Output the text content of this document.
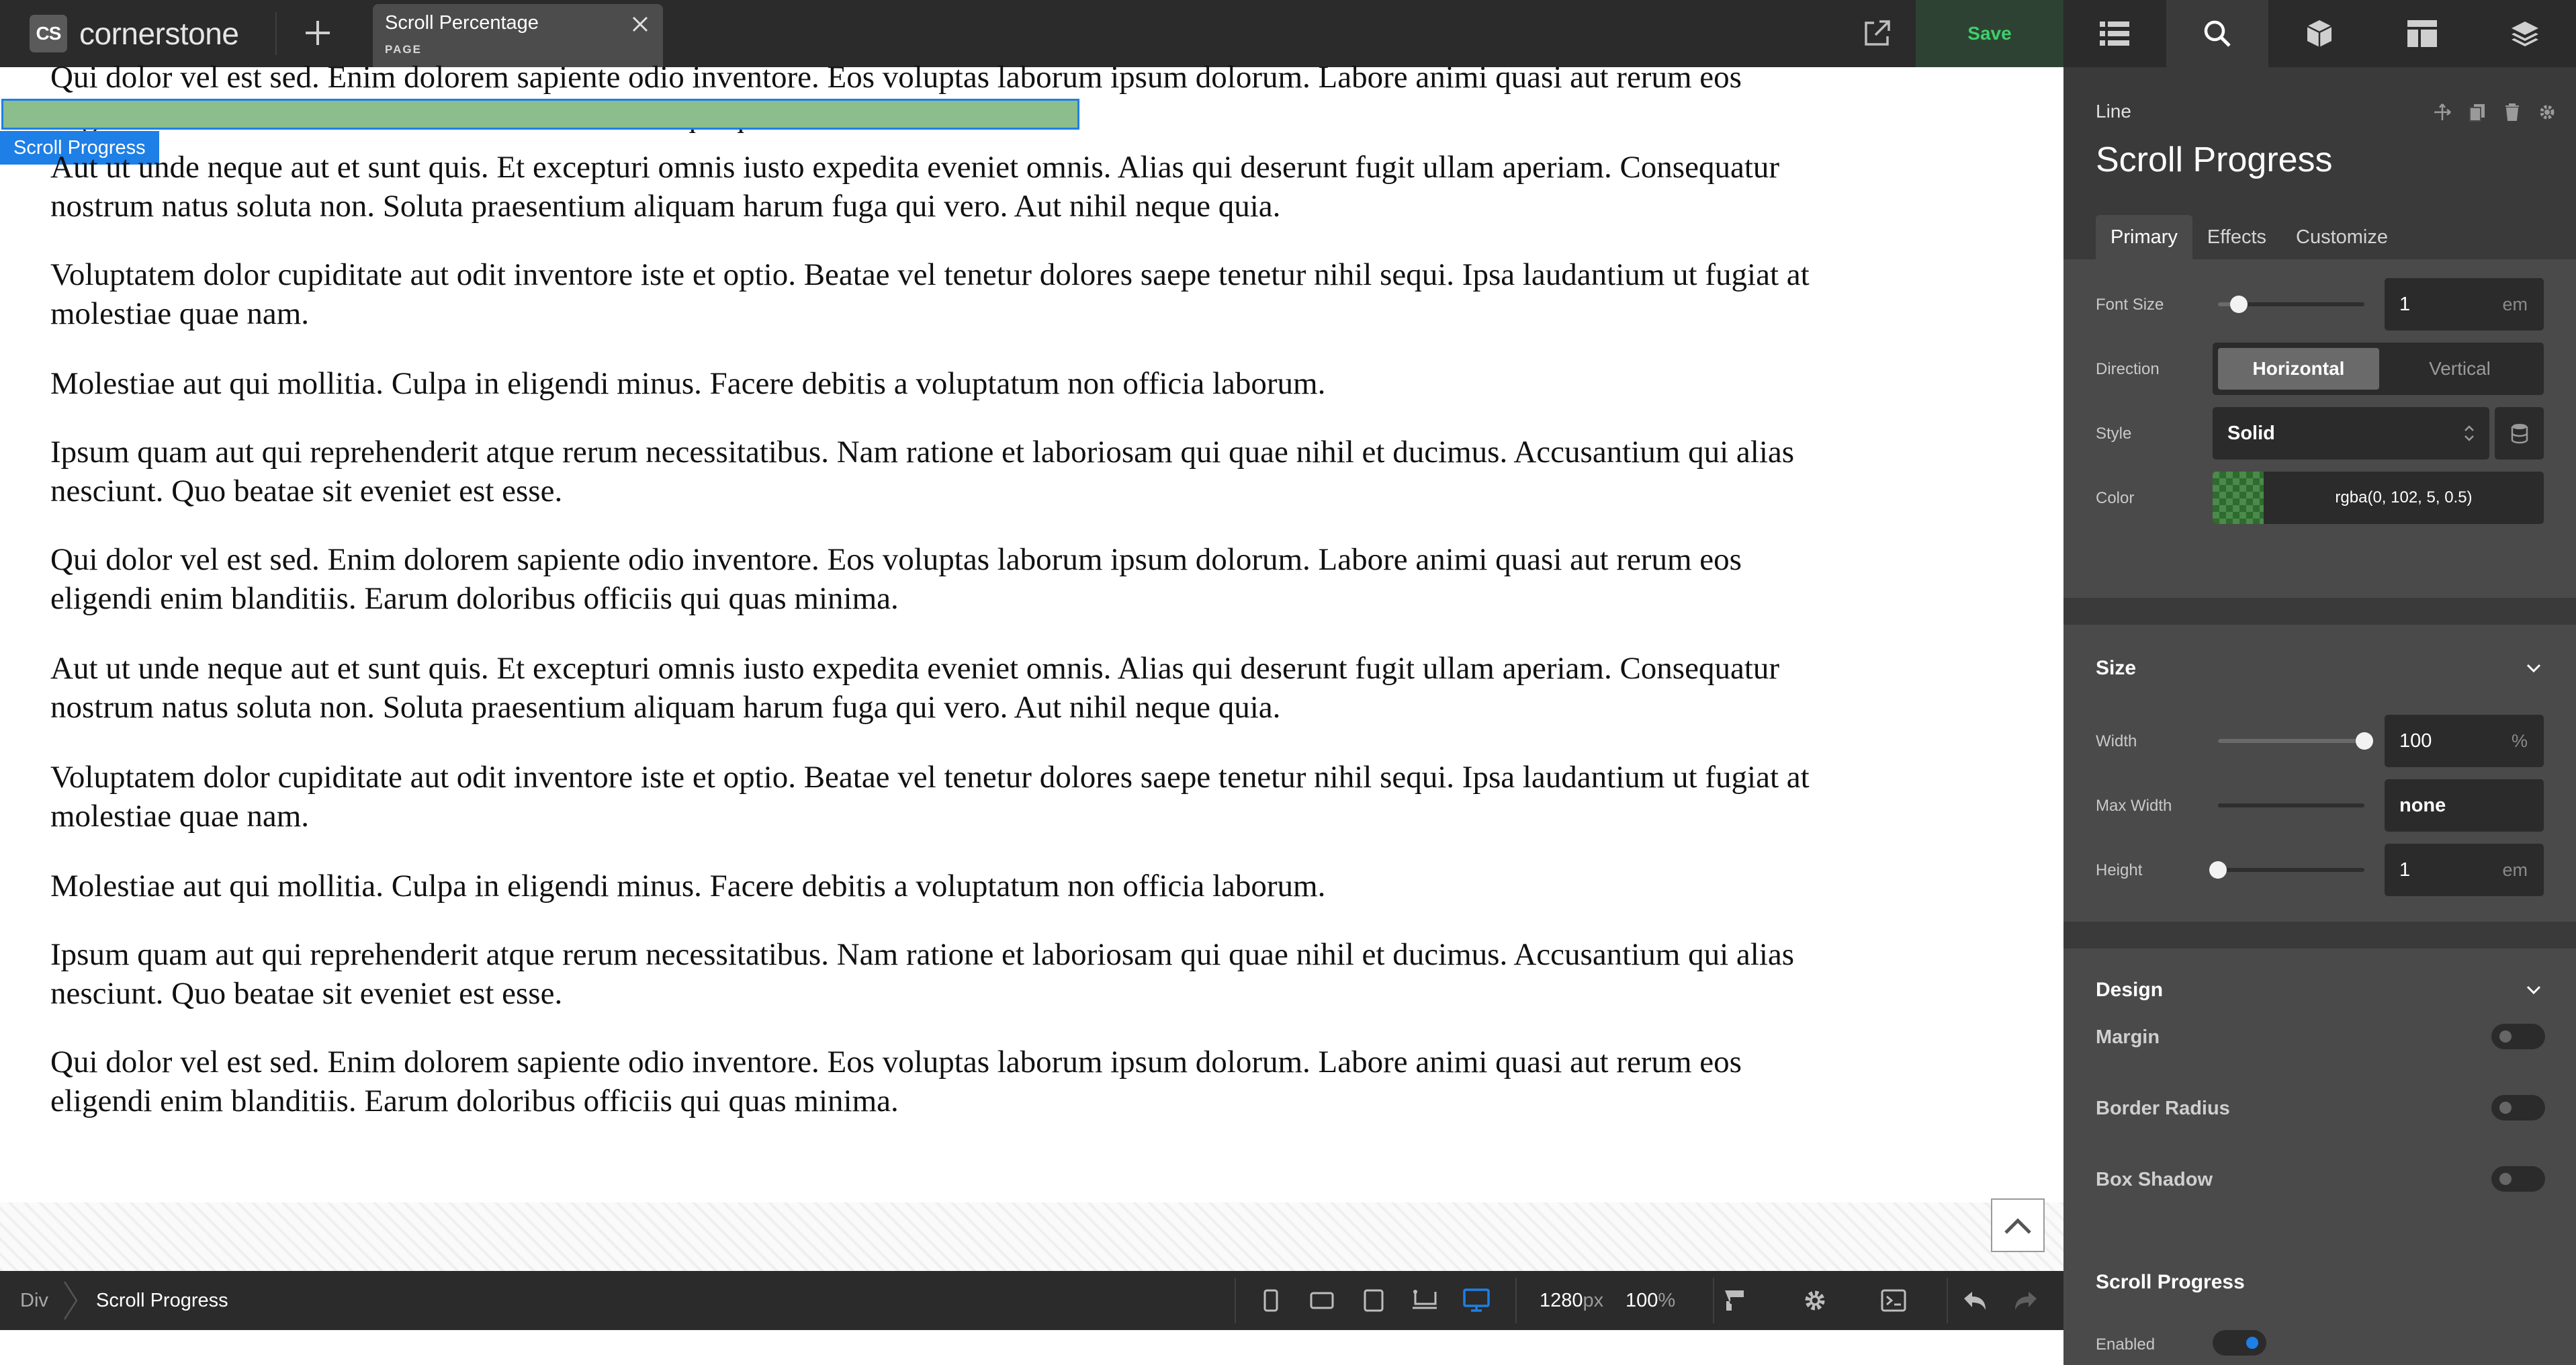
CS cornerstone	Scroll Percentage
PAGE
Save
Qui dolor vel est sed. Enim dolorem sapiente odio inventore. Eos voluptas laborum ipsum dolorum. Labore animi quasi aut rerum eos
Scroll Progress
Aut ut unde neque aut et sunt quis. Et excepturi omnis iusto expedita eveniet omnis. Alias qui deserunt fugit ullam aperiam. Consequatur
nostrum natus soluta non. Soluta praesentium aliquam harum fuga qui vero. Aut nihil neque quia.
Voluptatem dolor cupiditate aut odit inventore iste et optio. Beatae vel tenetur dolores saepe tenetur nihil sequi. Ipsa laudantium ut fugiat at
molestiae quae nam.
Molestiae aut qui mollitia. Culpa in eligendi minus. Facere debitis a voluptatum non officia laborum.
Ipsum quam aut qui reprehenderit atque rerum necessitatibus. Nam ratione et laboriosam qui quae nihil et ducimus. Accusantium qui alias
nesciunt. Quo beatae sit eveniet est esse.
Qui dolor vel est sed. Enim dolorem sapiente odio inventore. Eos voluptas laborum ipsum dolorum. Labore animi quasi aut rerum eos
eligendi enim blanditiis. Earum doloribus officiis qui quas minima.
Aut ut unde neque aut et sunt quis. Et excepturi omnis iusto expedita eveniet omnis. Alias qui deserunt fugit ullam aperiam. Consequatur
nostrum natus soluta non. Soluta praesentium aliquam harum fuga qui vero. Aut nihil neque quia.
Voluptatem dolor cupiditate aut odit inventore iste et optio. Beatae vel tenetur dolores saepe tenetur nihil sequi. Ipsa laudantium ut fugiat at
molestiae quae nam.
Molestiae aut qui mollitia. Culpa in eligendi minus. Facere debitis a voluptatum non officia laborum.
Ipsum quam aut qui reprehenderit atque rerum necessitatibus. Nam ratione et laboriosam qui quae nihil et ducimus. Accusantium qui alias
nesciunt. Quo beatae sit eveniet est esse.
Qui dolor vel est sed. Enim dolorem sapiente odio inventore. Eos voluptas laborum ipsum dolorum. Labore animi quasi aut rerum eos
eligendi enim blanditiis. Earum doloribus officiis qui quas minima.
Div Scroll Progress	1280px 100%
Line
Scroll Progress
Primary	Effects	Customize
Font Size	1	em
Direction	Horizontal	Vertical
Style	Solid
Color	rgba(0, 102, 5, 0.5)
Size
Width	100	%
Max Width	none
Height	1	em
Design
Margin
Border Radius
Box Shadow
Scroll Progress
Enabled
